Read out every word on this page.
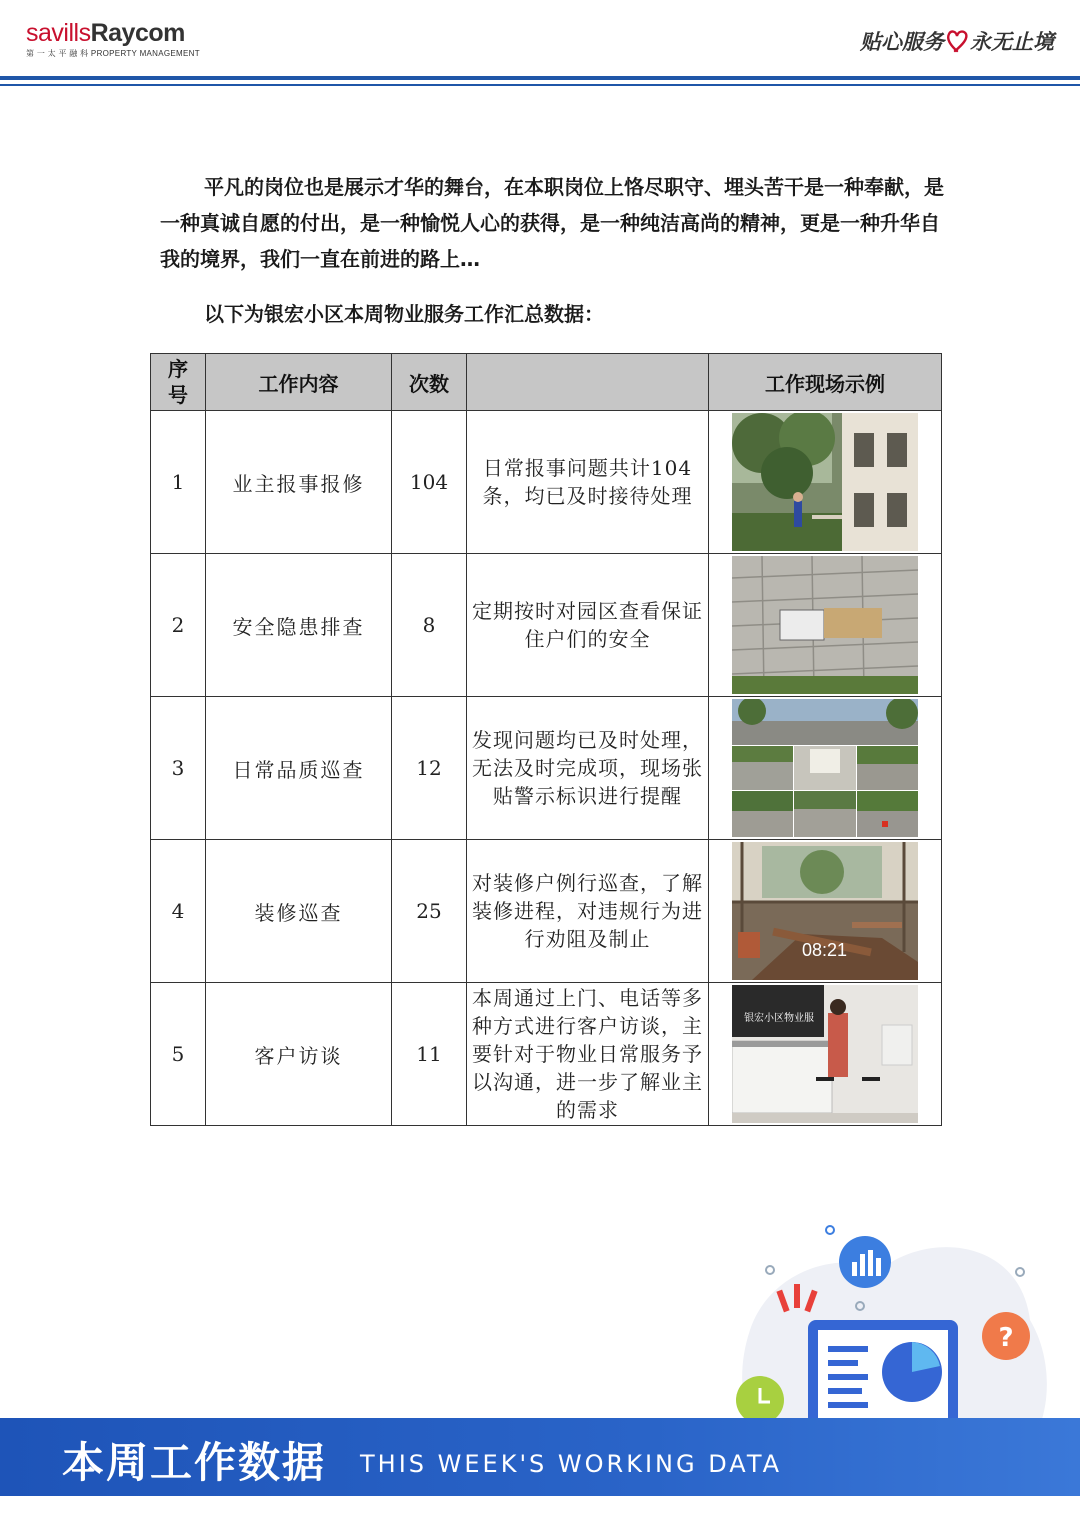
savillsRaycom
第 一 太 平 融 科 PROPERTY MANAGEMENT	贴心服务 永无止境
平凡的岗位也是展示才华的舞台，在本职岗位上恪尽职守、埋头苦干是一种奉献，是一种真诚自愿的付出，是一种愉悦人心的获得，是一种纯洁高尚的精神，更是一种升华自我的境界，我们一直在前进的路上…
以下为银宏小区本周物业服务工作汇总数据：
序号	工作内容	次数		工作现场示例
1	业主报事报修	104	日常报事问题共计104条，均已及时接待处理	

2	安全隐患排查	8	定期按时对园区查看保证住户们的安全	

3	日常品质巡查	12	发现问题均已及时处理，无法及时完成项，现场张贴警示标识进行提醒	

4	装修巡查	25	对装修户例行巡查，了解装修进程，对违规行为进行劝阻及制止	08:21

5	客户访谈	11	本周通过上门、电话等多种方式进行客户访谈，主要针对于物业日常服务予以沟通，进一步了解业主的需求	银宏小区物业服
?
本周工作数据 THIS WEEK'S WORKING DATA
